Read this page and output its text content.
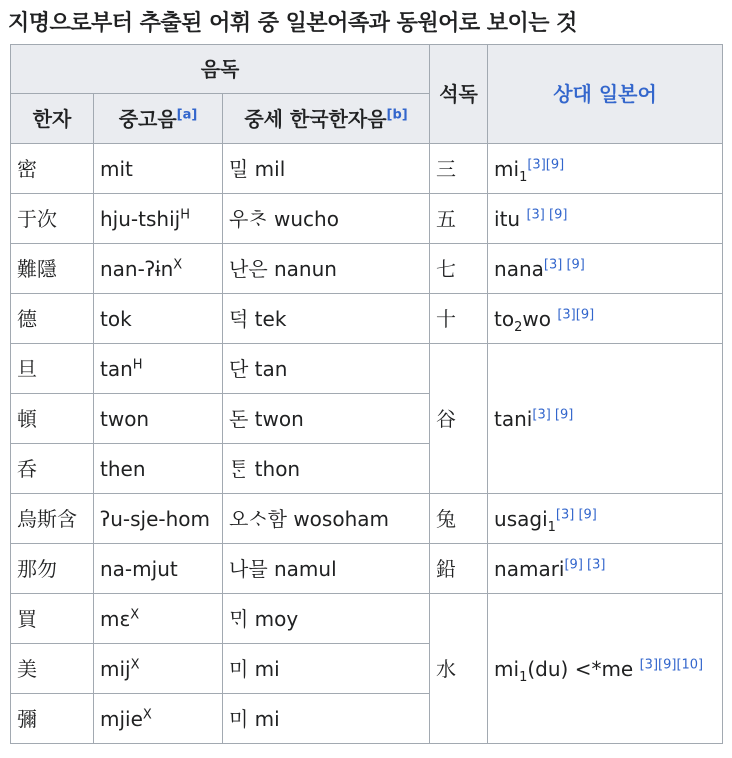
지명으로부터 추출된 어휘 중 일본어족과 동원어로 보이는 것
음독			석독	상대 일본어
한자	중고음[a]	중세 한국한자음[b]
密	mit	밀 mil	三	$mi_1[3][9]$
于次	hju-tshij$^H$	우ᄎᆞ wucho	五	itu [3] [9]
難隱	nan-ʔɨn$^X$	난은 nanun	七	nana[3] [9]
德	tok	덕 tek	十	$to_2wo$ [3][9]
旦	$\tan^H$	단 tan	谷	tani[3] [9]
頓	twon	돈 twon		
呑	then	ᄐᆞᆫ thon		
烏斯含	ʔu-sje-hom	오ᄉᆞ함 wosoham	兔	usagi$_1$[3] [9]
那勿	na-mjut	나믈 namul	鉛	namari[9] [3]
買	mɛ$^X$	ᄆᆡ moy	水	$mi_1(du) <*me$ [3][9][10]
美	mij$^X$	미 mi		
彌	mjie$^X$	미 mi		
